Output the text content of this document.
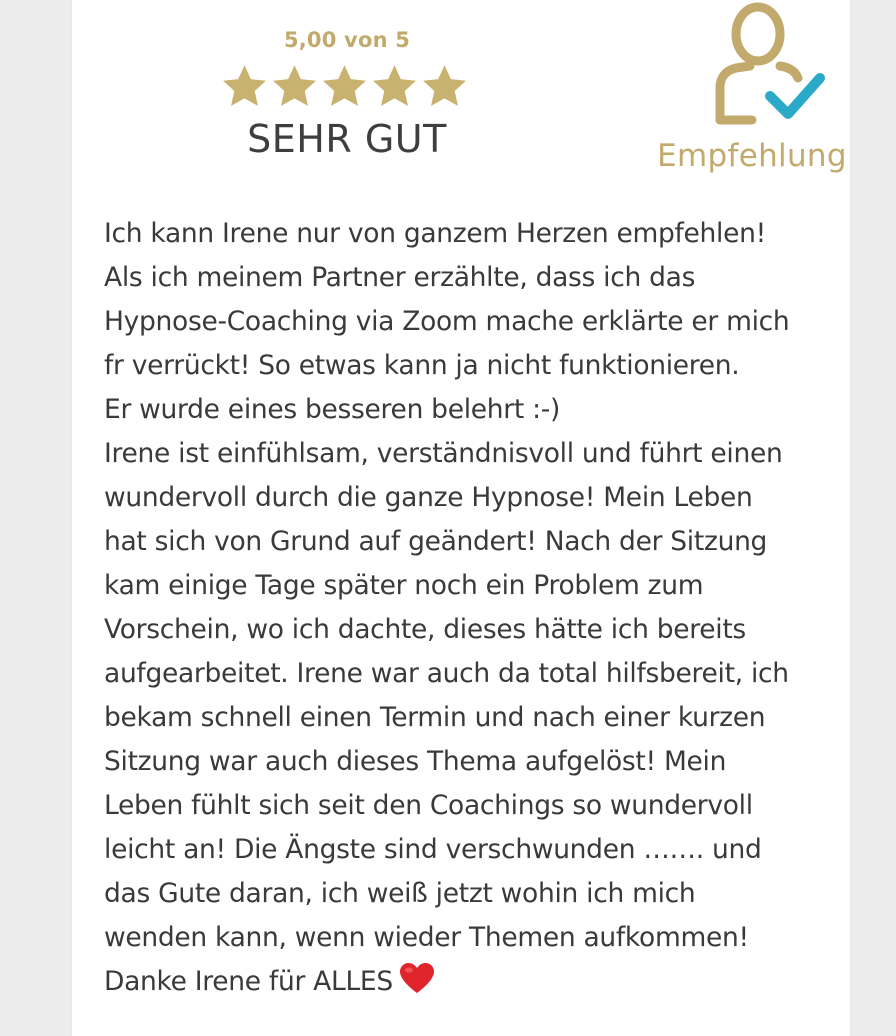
5,00 von 5
SEHR GUT	Empfehlung

Ich kann Irene nur von ganzem Herzen empfehlen!
Als ich meinem Partner erzählte, dass ich das
Hypnose-Coaching via Zoom mache erklärte er mich
fr verrückt! So etwas kann ja nicht funktionieren.
Er wurde eines besseren belehrt :-)
Irene ist einfühlsam, verständnisvoll und führt einen
wundervoll durch die ganze Hypnose! Mein Leben
hat sich von Grund auf geändert! Nach der Sitzung
kam einige Tage später noch ein Problem zum
Vorschein, wo ich dachte, dieses hätte ich bereits
aufgearbeitet. Irene war auch da total hilfsbereit, ich
bekam schnell einen Termin und nach einer kurzen
Sitzung war auch dieses Thema aufgelöst! Mein
Leben fühlt sich seit den Coachings so wundervoll
leicht an! Die Ängste sind verschwunden ……. und
das Gute daran, ich weiß jetzt wohin ich mich
wenden kann, wenn wieder Themen aufkommen!
Danke Irene für ALLES
